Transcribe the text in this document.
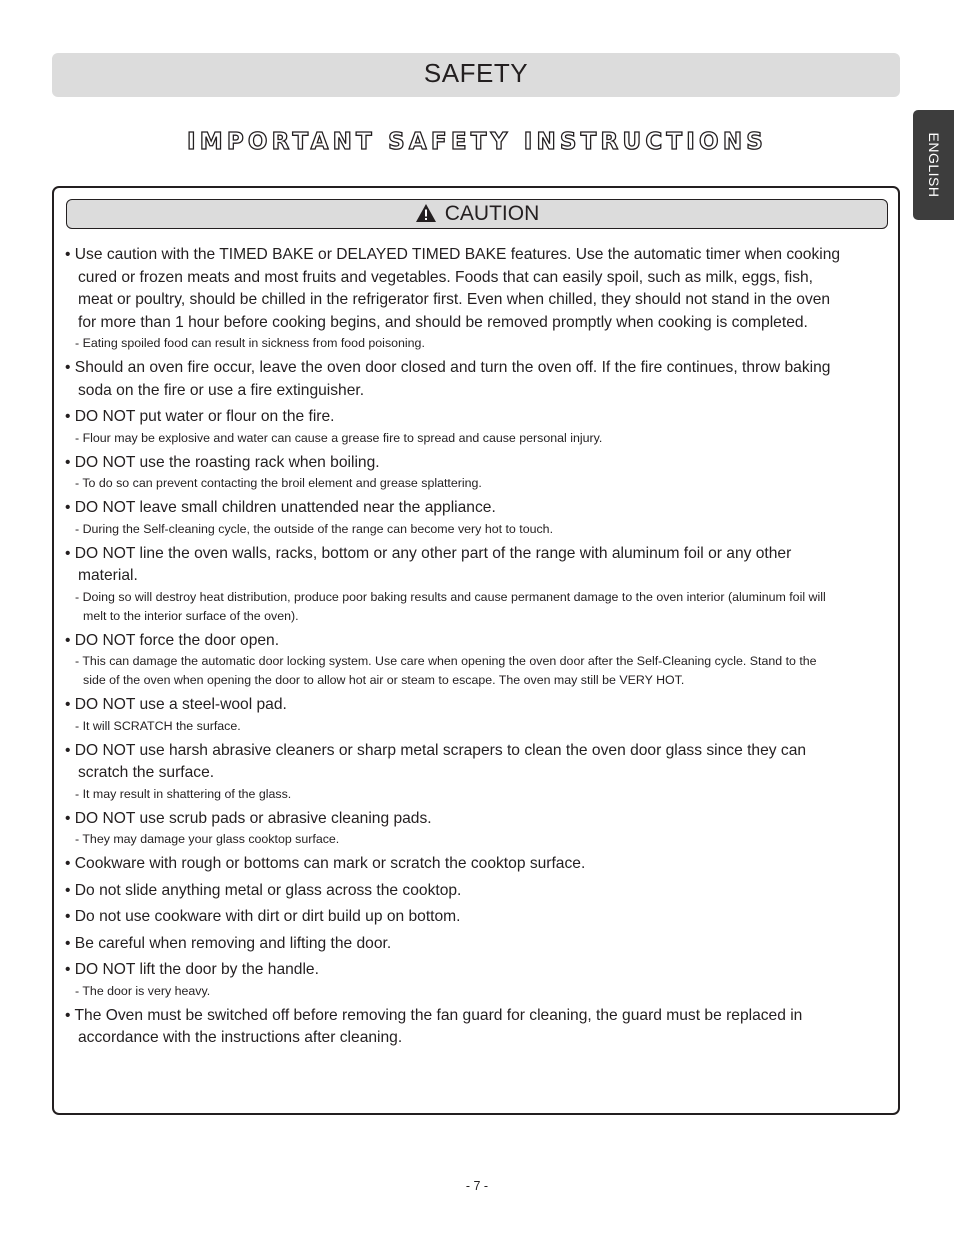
SAFETY
ENGLISH
IMPORTANT SAFETY INSTRUCTIONS
CAUTION
• Use caution with the TIMED BAKE or DELAYED TIMED BAKE features. Use the automatic timer when cooking cured or frozen meats and most fruits and vegetables. Foods that can easily spoil, such as milk, eggs, fish, meat or poultry, should be chilled in the refrigerator first. Even when chilled, they should not stand in the oven for more than 1 hour before cooking begins, and should be removed promptly when cooking is completed.
- Eating spoiled food can result in sickness from food poisoning.
• Should an oven fire occur, leave the oven door closed and turn the oven off. If the fire continues, throw baking soda on the fire or use a fire extinguisher.
• DO NOT put water or flour on the fire.
- Flour may be explosive and water can cause a grease fire to spread and cause personal injury.
• DO NOT use the roasting rack when boiling.
- To do so can prevent contacting the broil element and grease splattering.
• DO NOT leave small children unattended near the appliance.
- During the Self-cleaning cycle, the outside of the range can become very hot to touch.
• DO NOT line the oven walls, racks, bottom or any other part of the range with aluminum foil or any other material.
- Doing so will destroy heat distribution, produce poor baking results and cause permanent damage to the oven interior (aluminum foil will melt to the interior surface of the oven).
• DO NOT force the door open.
- This can damage the automatic door locking system. Use care when opening the oven door after the Self-Cleaning cycle. Stand to the side of the oven when opening the door to allow hot air or steam to escape. The oven may still be VERY HOT.
• DO NOT use a steel-wool pad.
- It will SCRATCH the surface.
• DO NOT use harsh abrasive cleaners or sharp metal scrapers to clean the oven door glass since they can scratch the surface.
- It may result in shattering of the glass.
• DO NOT use scrub pads or abrasive cleaning pads.
- They may damage your glass cooktop surface.
• Cookware with rough or bottoms can mark or scratch the cooktop surface.
• Do not slide anything metal or glass across the cooktop.
• Do not use cookware with dirt or dirt build up on bottom.
• Be careful when removing and lifting the door.
• DO NOT lift the door by the handle.
- The door is very heavy.
• The Oven must be switched off before removing the fan guard for cleaning, the guard must be replaced in accordance with the instructions after cleaning.
- 7 -
